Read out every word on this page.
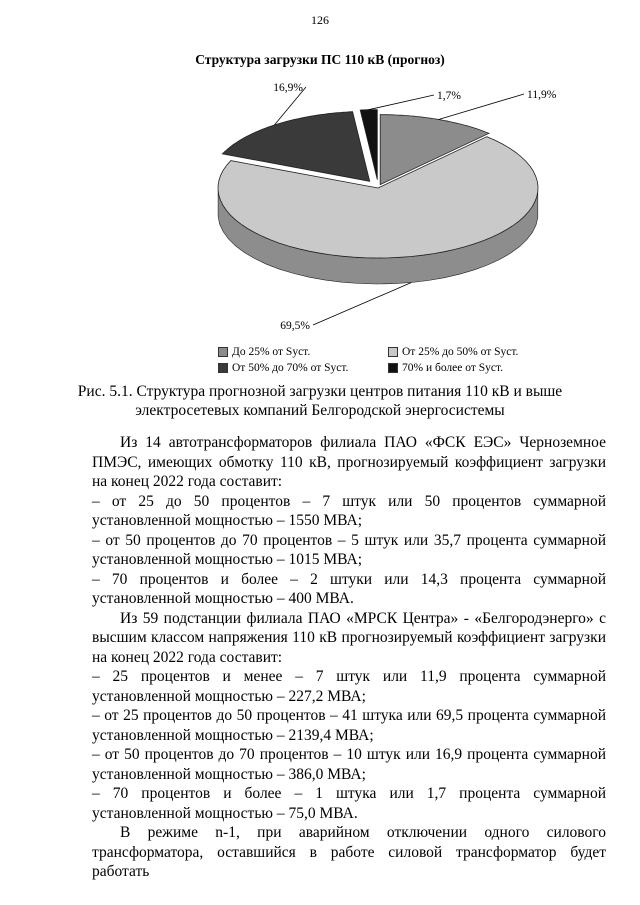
126
Структура загрузки ПС 110 кВ (прогноз)
11,9%
69,5%
16,9%
1,7%
До 25% от Sуст.	От 25% до 50% от Sуст.
От 50% до 70% от Sуст.	70% и более от Sуст.
Рис. 5.1. Структура прогнозной загрузки центров питания 110 кВ и выше
электросетевых компаний Белгородской энергосистемы

Из 14 автотрансформаторов филиала ПАО «ФСК ЕЭС» Черноземное ПМЭС, имеющих обмотку 110 кВ, прогнозируемый коэффициент загрузки на конец 2022 года составит:

– от 25 до 50 процентов – 7 штук или 50 процентов суммарной установленной мощностью – 1550 МВА;

– от 50 процентов до 70 процентов – 5 штук или 35,7 процента суммарной установленной мощностью – 1015 МВА;

– 70 процентов и более – 2 штуки или 14,3 процента суммарной установленной мощностью – 400 МВА.

Из 59 подстанции филиала ПАО «МРСК Центра» - «Белгородэнерго» с высшим классом напряжения 110 кВ прогнозируемый коэффициент загрузки на конец 2022 года составит:

– 25 процентов и менее – 7 штук или 11,9 процента суммарной установленной мощностью – 227,2 МВА;

– от 25 процентов до 50 процентов – 41 штука или 69,5 процента суммарной установленной мощностью – 2139,4 МВА;

– от 50 процентов до 70 процентов – 10 штук или 16,9 процента суммарной установленной мощностью – 386,0 МВА;

– 70 процентов и более – 1 штука или 1,7 процента суммарной установленной мощностью – 75,0 МВА.

В режиме n-1, при аварийном отключении одного силового трансформатора, оставшийся в работе силовой трансформатор будет работать
